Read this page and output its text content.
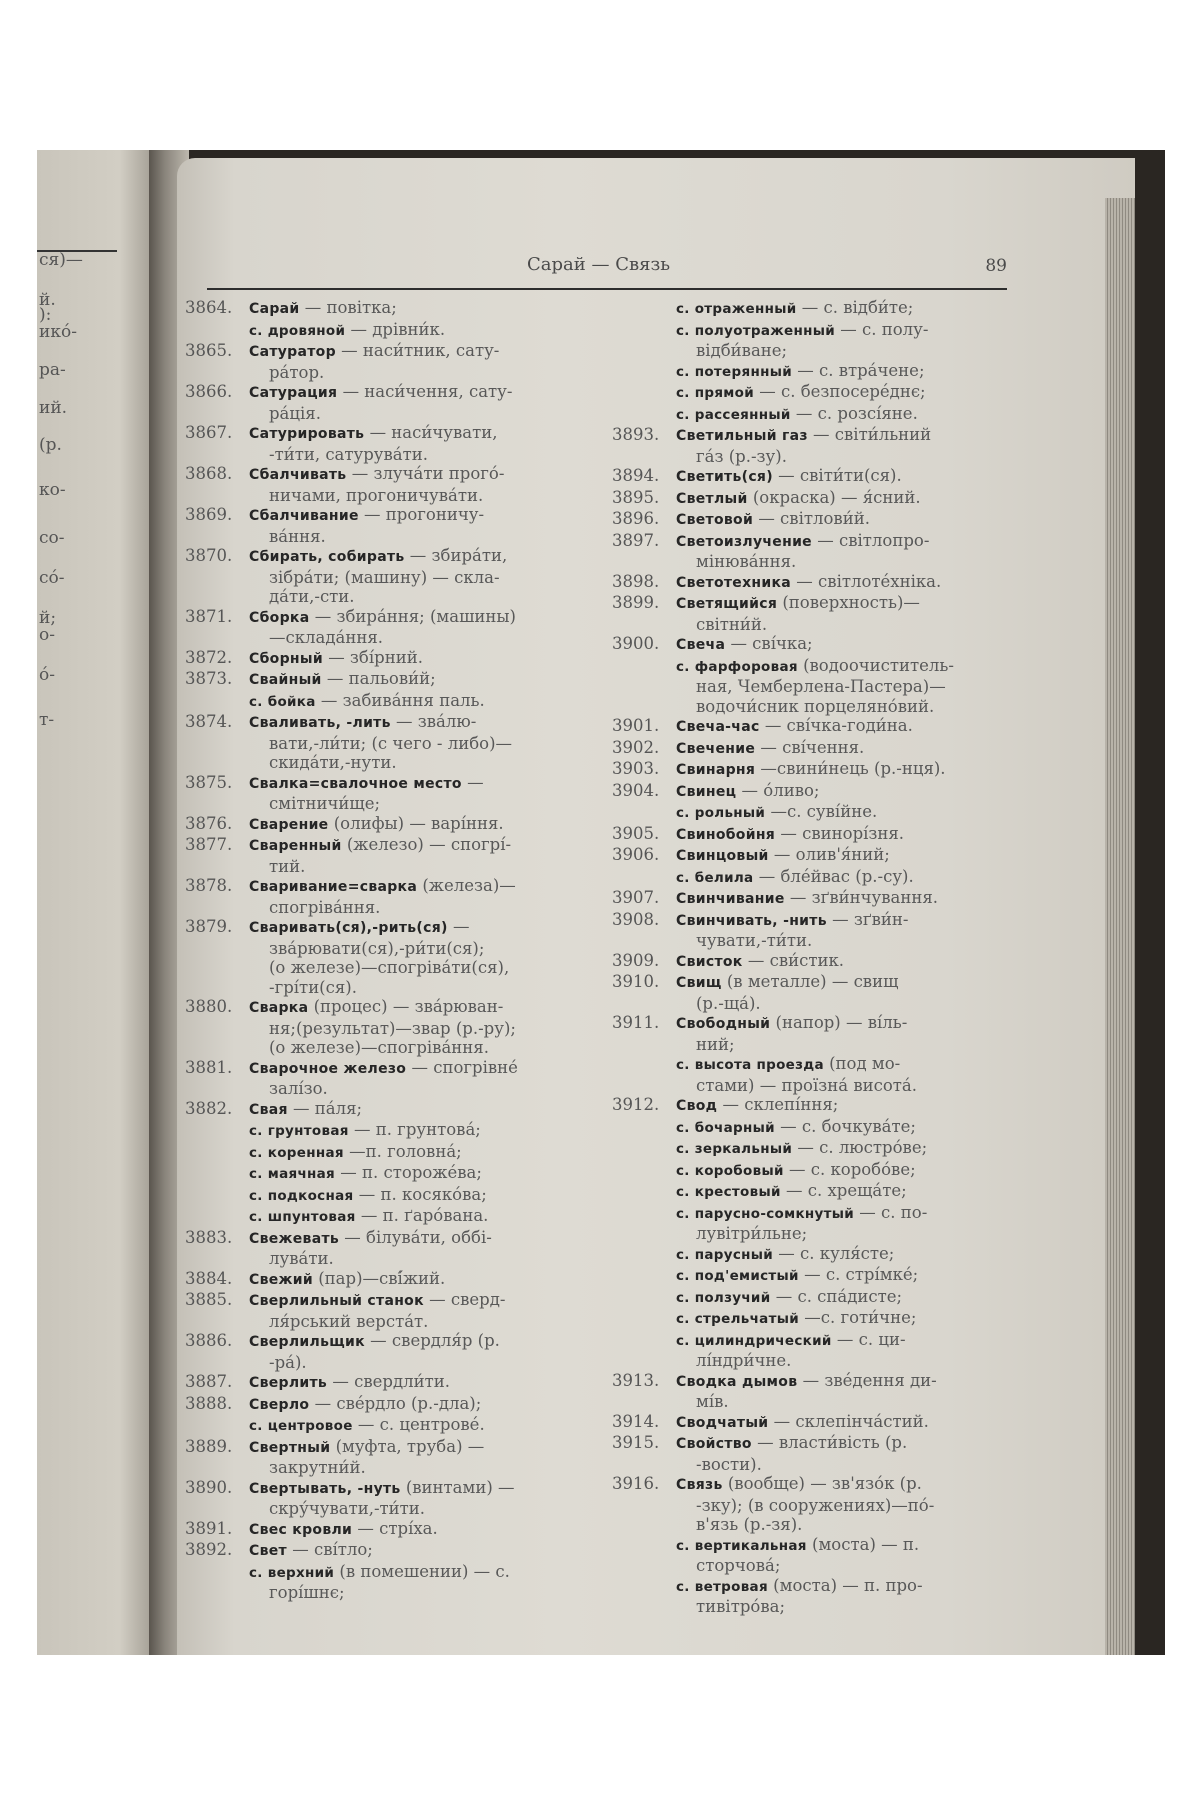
ся)—
й.
):
икó-
ра-
ий.
(р.
ко-
со-
có-
й;
о-
ó-
т-
Сарай — Связь	89
3864. Сарай — повітка;
с. дровяной — дрівни́к.
3865. Сатуратор — наси́тник, сату-
ра́тор.
3866. Сатурация — наси́чення, сату-
ра́ція.
3867. Сатурировать — наси́чувати,
-ти́ти, сатурува́ти.
3868. Сбалчивать — злуча́ти прого́-
ничами, прогоничува́ти.
3869. Сбалчивание — прогоничу-
ва́ння.
3870. Сбирать, собирать — збира́ти,
зібра́ти; (машину) — скла-
да́ти,-сти.
3871. Сборка — збира́ння; (машины)
—склада́ння.
3872. Сборный — збі́рний.
3873. Свайный — пальови́й;
с. бойка — забива́ння паль.
3874. Сваливать, -лить — зва́лю-
вати,-ли́ти; (с чего - либо)—
скида́ти,-нути.
3875. Свалка=свалочное место —
смітничи́ще;
3876. Сварение (олифы) — варі́ння.
3877. Сваренный (железо) — спогрі́-
тий.
3878. Сваривание=сварка (железа)—
спогріва́ння.
3879. Сваривать(ся),-рить(ся) —
зва́рювати(ся),-ри́ти(ся);
(о железе)—спогріва́ти(ся),
-грі́ти(ся).
3880. Сварка (процес) — зва́рюван-
ня;(результат)—звар (р.-ру);
(о железе)—спогріва́ння.
3881. Сварочное железо — спогрівне́
залі́зо.
3882. Свая — па́ля;
с. грунтовая — п. грунтова́;
с. коренная —п. головна́;
с. маячная — п. сторожéва;
с. подкосная — п. косякóва;
с. шпунтовая — п. ґарóвана.
3883. Свежевать — білува́ти, оббі-
лува́ти.
3884. Свежий (пар)—свí́жий.
3885. Сверлильный станок — сверд-
ля́рський верста́т.
3886. Сверлильщик — свердля́р (р.
-ра́).
3887. Сверлить — свердли́ти.
3888. Сверло — свéрдло (р.-дла);
с. центровое — с. центровé.
3889. Свертный (муфта, труба) —
закрутни́й.
3890. Свертывать, -нуть (винтами) —
скру́чувати,-ти́ти.
3891. Свес кровли — стрі́ха.
3892. Свет — сві́тло;
с. верхний (в помешении) — с.
горі́шнє;
с. отраженный — с. відби́те;
с. полуотраженный — с. полу-
відби́ване;
с. потерянный — с. втра́чене;
с. прямой — с. безпосерéднє;
с. рассеянный — с. розсі́яне.
3893. Светильный газ — світи́льний
га́з (р.-зу).
3894. Светить(ся) — світи́ти(ся).
3895. Светлый (окраска) — я́сний.
3896. Световой — світлови́й.
3897. Светоизлучение — світлопро-
мінюва́ння.
3898. Светотехника — світлотéхніка.
3899. Светящийся (поверхность)—
світни́й.
3900. Свеча — сві́чка;
с. фарфоровая (водоочиститель-
ная, Чемберлена-Пастера)—
водочи́сник порцеляно́вий.
3901. Свеча-час — сві́чка-годи́на.
3902. Свечение — сві́чення.
3903. Свинарня —свини́нець (р.-нця).
3904. Свинец — о́ливо;
с. рольный —с. суві́йне.
3905. Свинобойня — свинорі́зня.
3906. Свинцовый — олив'я́ний;
с. белила — блéйвас (р.-су).
3907. Свинчивание — зґви́нчування.
3908. Свинчивать, -нить — зґви́н-
чувати,-ти́ти.
3909. Свисток — сви́стик.
3910. Свищ (в металле) — свищ
(р.-ща́).
3911. Свободный (напор) — ві́ль-
ний;
с. высота проезда (под мо-
стами) — проїзна́ висота́.
3912. Свод — склепі́ння;
с. бочарный — с. бочкува́те;
с. зеркальный — с. люстро́ве;
с. коробовый — с. коробо́ве;
с. крестовый — с. хреща́те;
с. парусно-сомкнутый — с. по-
лувітри́льне;
с. парусный — с. куля́сте;
с. под'емистый — с. стрі́мке́;
с. ползучий — с. спа́дисте;
с. стрельчатый —с. готи́чне;
с. цилиндрический — с. ци-
лі́ндри́чне.
3913. Сводка дымов — звéдення ди-
мі́в.
3914. Сводчатый — склепінча́стий.
3915. Свойство — власти́вість (р.
-вости).
3916. Связь (вообще) — зв'язо́к (р.
-зку); (в сооружениях)—по́-
в'язь (р.-зя).
с. вертикальная (моста) — п.
сторчова́;
с. ветровая (моста) — п. про-
тивітро́ва;
